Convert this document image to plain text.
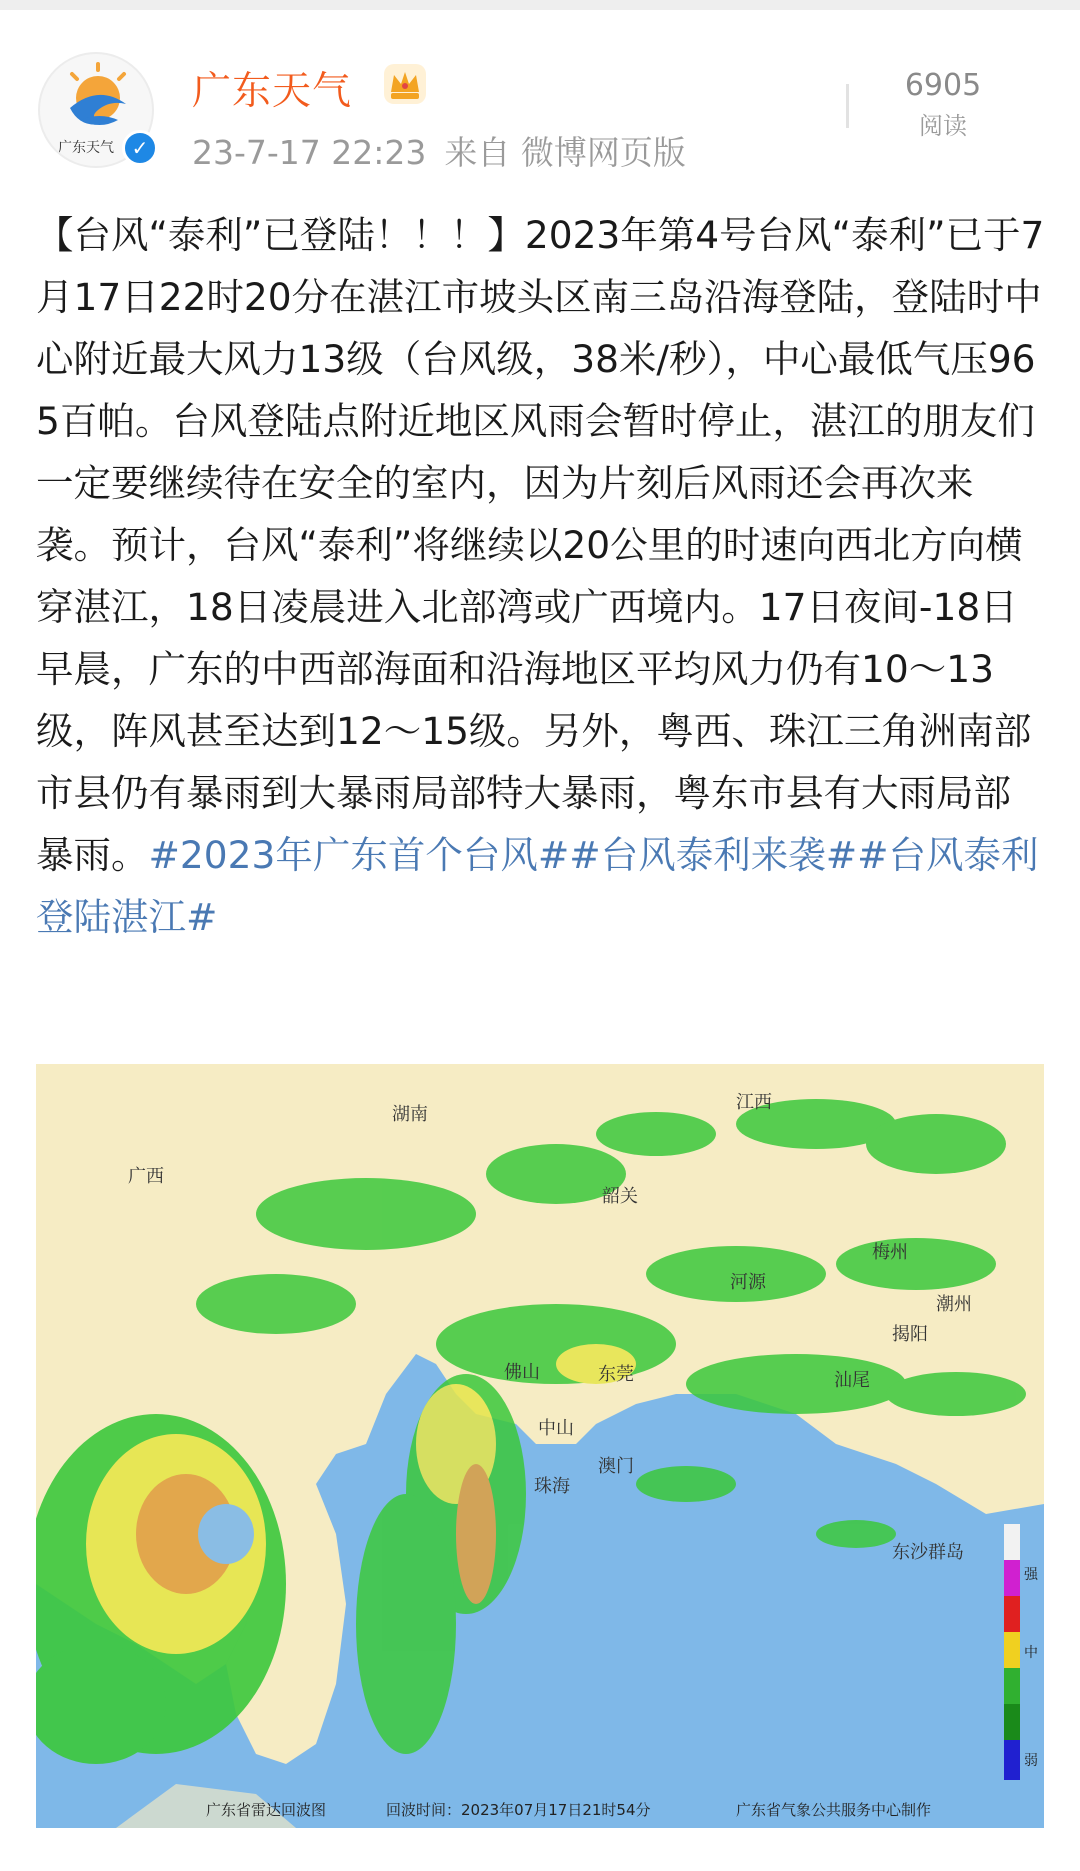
广东天气 ✓
广东天气
23-7-17 22:23 来自 微博网页版
6905
阅读
【台风“泰利”已登陆！！！】2023年第4号台风“泰利”已于7月17日22时20分在湛江市坡头区南三岛沿海登陆，登陆时中心附近最大风力13级（台风级，38米/秒），中心最低气压965百帕。台风登陆点附近地区风雨会暂时停止，湛江的朋友们一定要继续待在安全的室内，因为片刻后风雨还会再次来袭。预计，台风“泰利”将继续以20公里的时速向西北方向横穿湛江，18日凌晨进入北部湾或广西境内。17日夜间-18日早晨，广东的中西部海面和沿海地区平均风力仍有10～13级，阵风甚至达到12～15级。另外，粤西、珠江三角洲南部市县仍有暴雨到大暴雨局部特大暴雨，粤东市县有大雨局部暴雨。#2023年广东首个台风##台风泰利来袭##台风泰利登陆湛江#
广西
湖南
江西
韶关
河源
梅州
潮州
揭阳
汕尾
佛山	东莞
中山
澳门
珠海
东沙群岛
强
中
弱
广东省雷达回波图	回波时间：2023年07月17日21时54分	广东省气象公共服务中心制作
